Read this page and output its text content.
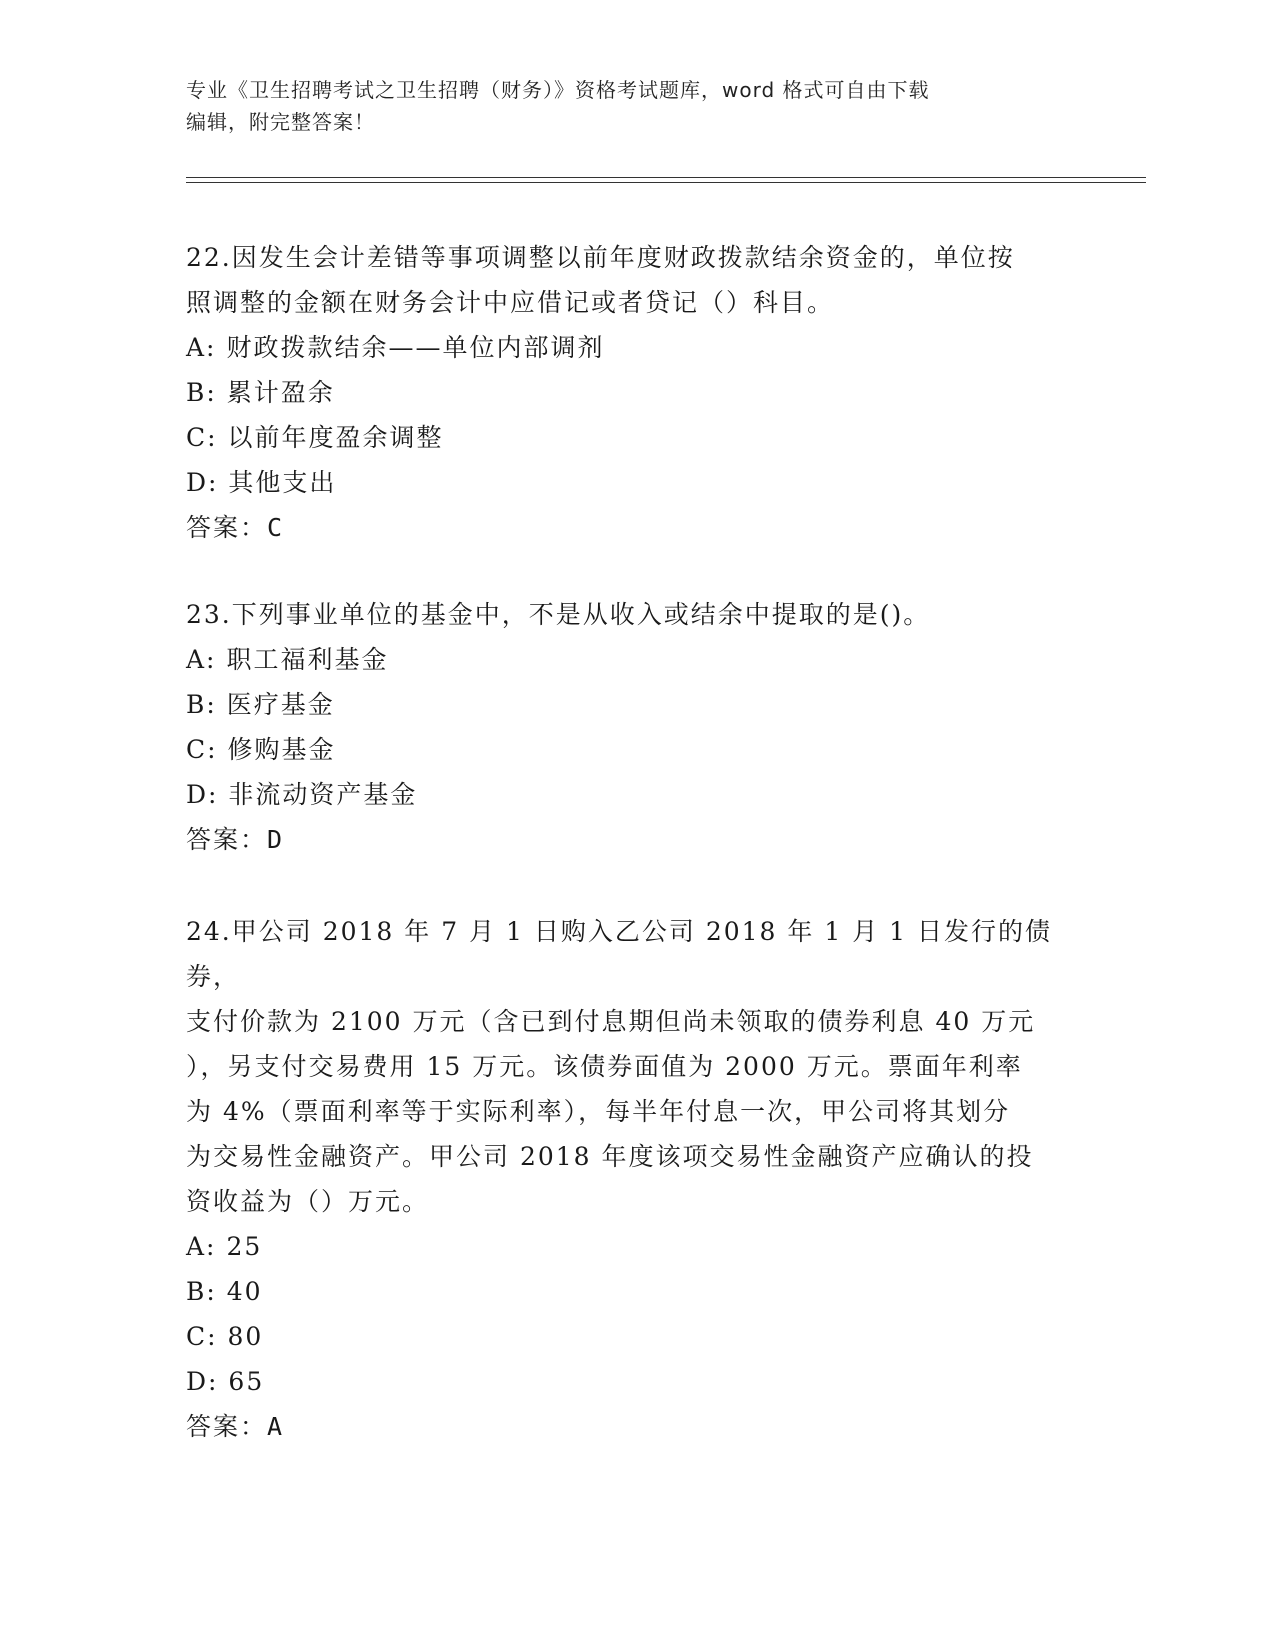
专业《卫生招聘考试之卫生招聘（财务）》资格考试题库，word 格式可自由下载
编辑，附完整答案！

22.因发生会计差错等事项调整以前年度财政拨款结余资金的，单位按

照调整的金额在财务会计中应借记或者贷记（）科目。

A: 财政拨款结余——单位内部调剂

B: 累计盈余

C: 以前年度盈余调整

D: 其他支出

答案：C

23.下列事业单位的基金中，不是从收入或结余中提取的是()。

A: 职工福利基金

B: 医疗基金

C: 修购基金

D: 非流动资产基金

答案：D

24.甲公司 2018 年 7 月 1 日购入乙公司 2018 年 1 月 1 日发行的债券，

支付价款为 2100 万元（含已到付息期但尚未领取的债券利息 40 万元

），另支付交易费用 15 万元。该债券面值为 2000 万元。票面年利率

为 4%（票面利率等于实际利率），每半年付息一次，甲公司将其划分

为交易性金融资产。甲公司 2018 年度该项交易性金融资产应确认的投

资收益为（）万元。

A: 25

B: 40

C: 80

D: 65

答案：A
